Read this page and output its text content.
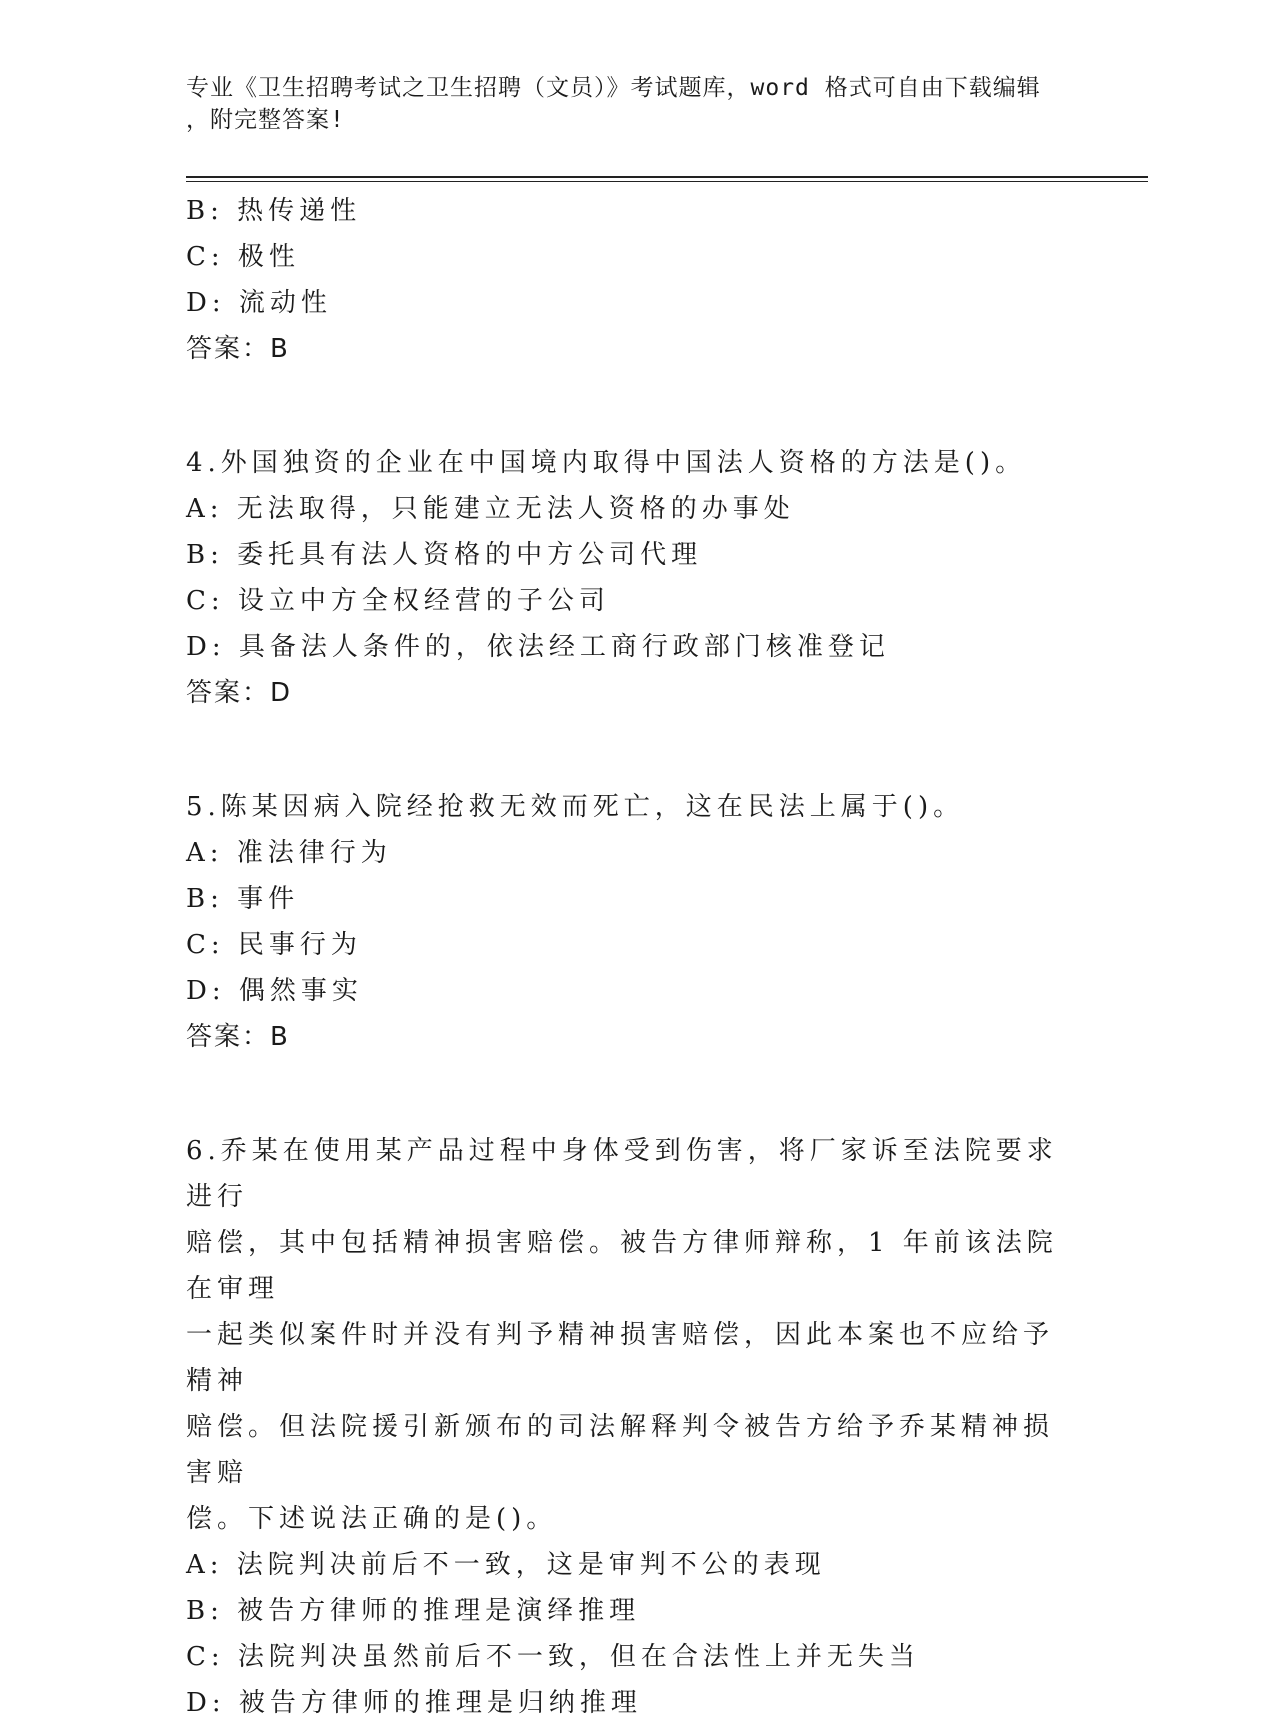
专业《卫生招聘考试之卫生招聘（文员）》考试题库，word 格式可自由下载编辑
，附完整答案!
B: 热传递性
C: 极性
D: 流动性
答案：B
4.外国独资的企业在中国境内取得中国法人资格的方法是()。
A: 无法取得，只能建立无法人资格的办事处
B: 委托具有法人资格的中方公司代理
C: 设立中方全权经营的子公司
D: 具备法人条件的，依法经工商行政部门核准登记
答案：D
5.陈某因病入院经抢救无效而死亡，这在民法上属于()。
A: 准法律行为
B: 事件
C: 民事行为
D: 偶然事实
答案：B
6.乔某在使用某产品过程中身体受到伤害，将厂家诉至法院要求进行
赔偿，其中包括精神损害赔偿。被告方律师辩称，1 年前该法院在审理
一起类似案件时并没有判予精神损害赔偿，因此本案也不应给予精神
赔偿。但法院援引新颁布的司法解释判令被告方给予乔某精神损害赔
偿。下述说法正确的是()。
A: 法院判决前后不一致，这是审判不公的表现
B: 被告方律师的推理是演绎推理
C: 法院判决虽然前后不一致，但在合法性上并无失当
D: 被告方律师的推理是归纳推理
